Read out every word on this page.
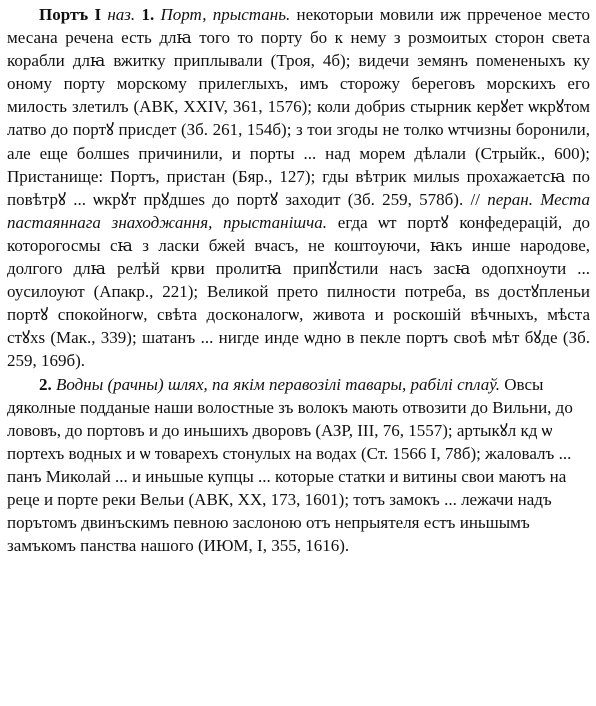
Портъ І наз. 1. Порт, прыстань. некоторыи мовили иж прреченое место месана речена есть длꙗ того то порту бо к нему з розмоитых сторон света корабли длꙗ вжитку приплывали (Троя, 4б); видечи земянъ помененыхъ ку оному порту морскому прилеглыхъ, имъ сторожу береговъ морскихъ его милость злетилъ (АВК, XXIV, 361, 1576); коли добриs стырник керꙋет ѡкрꙋтом латво до портꙋ присдет (Зб. 261, 154б); з тои згоды не толко ѡтчизны боронили, але еще болшеs причинили, и порты ... над морем дѣлали (Стрыйк., 600); Пристанище: Портъ, пристан (Бяр., 127); гды вѣтрик милыs прохажаетсꙗ по повѣтрꙋ ... ѡкрꙋт прꙋдшеs до портꙋ заходит (Зб. 259, 578б). // перан. Места пастаяннага знаходжання, прыстанішча. егда ѡт портꙋ конфедерацій, до которогосмы сꙗ з ласки бжей вчасъ, не коштоуючи, ꙗкъ инше народове, долгого длꙗ релѣй крви пролитꙗ припꙋстили насъ засꙗ одопхноути ... оусилоуют (Апакр., 221); Великой прето пилности потреба, вs достꙋпленьи портꙋ спокойногѡ, свѣта досконалогѡ, живота и роскошій вѣчныхъ, мѣста стꙋхs (Мак., 339); шатанъ ... нигде инде ѡдно в пекле портъ своѣ мѣт бꙋде (Зб. 259, 169б).

2. Водны (рачны) шлях, па якім перавозілі тавары, рабілі сплаў. Овсы дяколные подданые наши волостные зъ волокъ мають отвозити до Вильни, до лововъ, до портовъ и до иньшихъ дворовъ (АЗР, III, 76, 1557); артыкꙋл кд ѡ портехъ водных и ѡ товарехъ стонулых на водах (Ст. 1566 I, 78б); жаловалъ ... панъ Миколай ... и иньшые купцы ... которые статки и витины свои маютъ на реце и порте реки Вельи (АВК, XX, 173, 1601); тотъ замокъ ... лежачи надъ порътомъ двинъскимъ певною заслоною отъ непрыятеля естъ иньшымъ замъкомъ панства нашого (ИЮМ, I, 355, 1616).
